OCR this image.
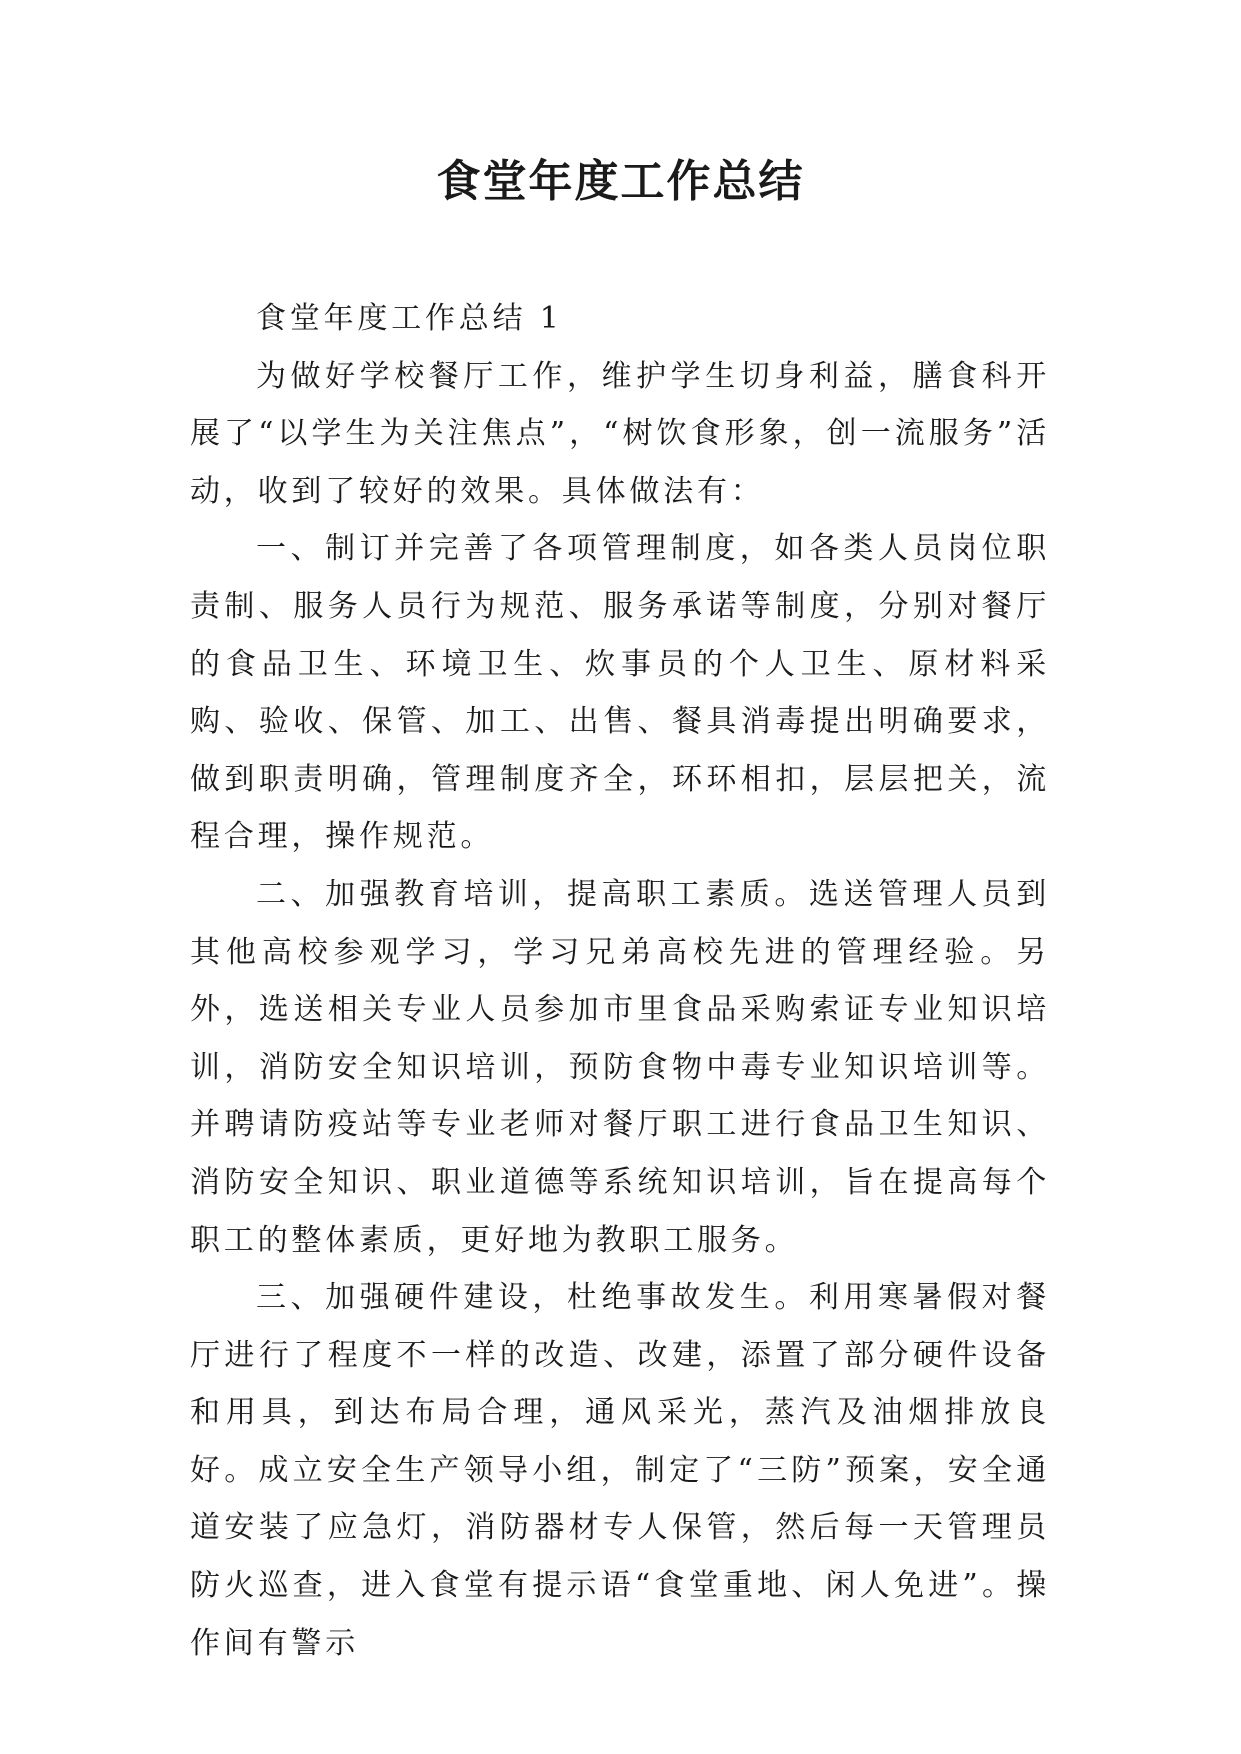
食堂年度工作总结

食堂年度工作总结 1

为做好学校餐厅工作，维护学生切身利益，膳食科开展了“以学生为关注焦点”，“树饮食形象，创一流服务”活动，收到了较好的效果。具体做法有：

一、制订并完善了各项管理制度，如各类人员岗位职责制、服务人员行为规范、服务承诺等制度，分别对餐厅的食品卫生、环境卫生、炊事员的个人卫生、原材料采购、验收、保管、加工、出售、餐具消毒提出明确要求，做到职责明确，管理制度齐全，环环相扣，层层把关，流程合理，操作规范。

二、加强教育培训，提高职工素质。选送管理人员到其他高校参观学习，学习兄弟高校先进的管理经验。另外，选送相关专业人员参加市里食品采购索证专业知识培训，消防安全知识培训，预防食物中毒专业知识培训等。并聘请防疫站等专业老师对餐厅职工进行食品卫生知识、消防安全知识、职业道德等系统知识培训，旨在提高每个职工的整体素质，更好地为教职工服务。

三、加强硬件建设，杜绝事故发生。利用寒暑假对餐厅进行了程度不一样的改造、改建，添置了部分硬件设备和用具，到达布局合理，通风采光，蒸汽及油烟排放良好。成立安全生产领导小组，制定了“三防”预案，安全通道安装了应急灯，消防器材专人保管，然后每一天管理员防火巡查，进入食堂有提示语“食堂重地、闲人免进”。操作间有警示
